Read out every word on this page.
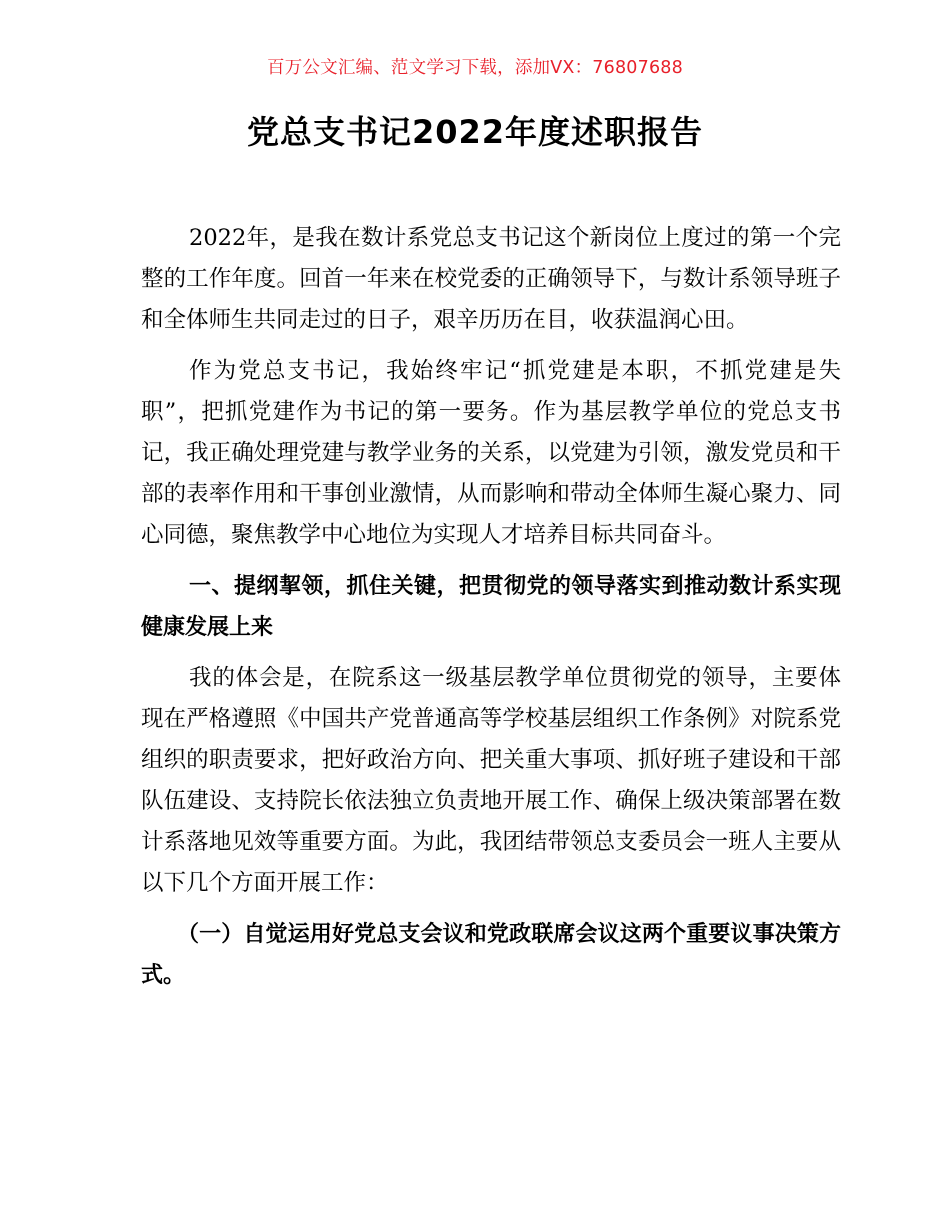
百万公文汇编、范文学习下载，添加VX：76807688
党总支书记2022年度述职报告

2022年，是我在数计系党总支书记这个新岗位上度过的第一个完整的工作年度。回首一年来在校党委的正确领导下，与数计系领导班子和全体师生共同走过的日子，艰辛历历在目，收获温润心田。

作为党总支书记，我始终牢记“抓党建是本职，不抓党建是失职”，把抓党建作为书记的第一要务。作为基层教学单位的党总支书记，我正确处理党建与教学业务的关系，以党建为引领，激发党员和干部的表率作用和干事创业激情，从而影响和带动全体师生凝心聚力、同心同德，聚焦教学中心地位为实现人才培养目标共同奋斗。

一、提纲挈领，抓住关键，把贯彻党的领导落实到推动数计系实现健康发展上来

我的体会是，在院系这一级基层教学单位贯彻党的领导，主要体现在严格遵照《中国共产党普通高等学校基层组织工作条例》对院系党组织的职责要求，把好政治方向、把关重大事项、抓好班子建设和干部队伍建设、支持院长依法独立负责地开展工作、确保上级决策部署在数计系落地见效等重要方面。为此，我团结带领总支委员会一班人主要从以下几个方面开展工作：

（一）自觉运用好党总支会议和党政联席会议这两个重要议事决策方式。
